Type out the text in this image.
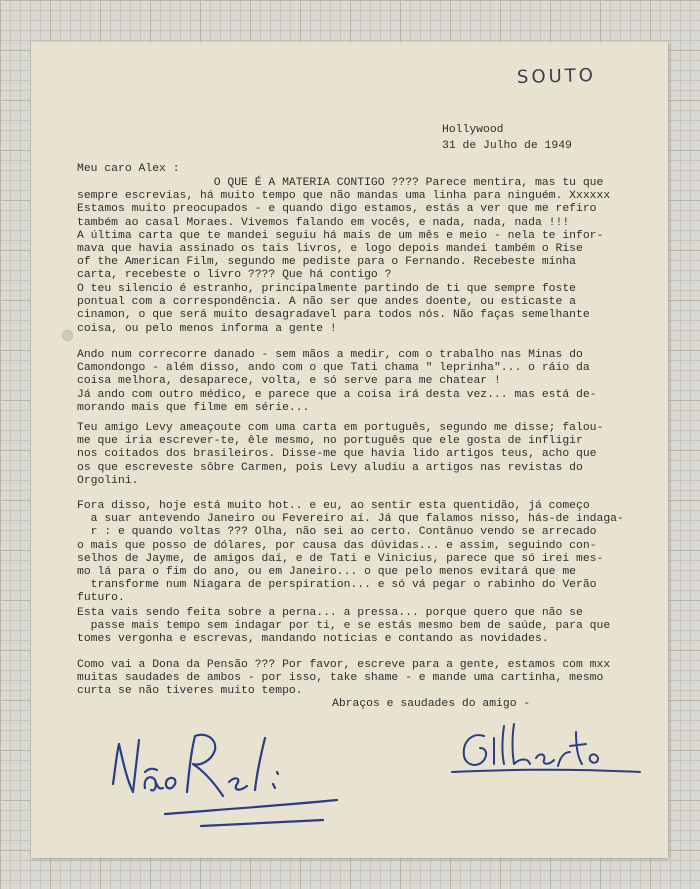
SOUTO
Hollywood
31 de Julho de 1949
Meu caro Alex :
O QUE É A MATERIA CONTIGO ???? Parece mentira, mas tu que
sempre escrevias, há muito tempo que não mandas uma linha para ninguém. Xxxxxx
Estamos muito preocupados - e quando digo estamos, estás a ver que me refiro
também ao casal Moraes. Vivemos falando em vocês, e nada, nada, nada !!!
A última carta que te mandei seguiu há mais de um mês e meio - nela te infor-
mava que havia assinado os tais livros, e logo depois mandei também o Rise
of the American Film, segundo me pediste para o Fernando. Recebeste minha
carta, recebeste o livro ???? Que há contigo ?
O teu silencio é estranho, principalmente partindo de ti que sempre foste
pontual com a correspondência. A não ser que andes doente, ou esticaste a
cinamon, o que será muito desagradavel para todos nós. Não faças semelhante
coisa, ou pelo menos informa a gente !
Ando num correcorre danado - sem mãos a medir, com o trabalho nas Minas do
Camondongo - além disso, ando com o que Tati chama " leprinha"... o ráio da
coisa melhora, desaparece, volta, e só serve para me chatear !
Já ando com outro médico, e parece que a coisa irá desta vez... mas está de-
morando mais que filme em série...
Teu amigo Levy ameaçoute com uma carta em português, segundo me disse; falou-
me que iria escrever-te, êle mesmo, no português que ele gosta de infligir
nos coitados dos brasileiros. Disse-me que havia lido artigos teus, acho que
os que escreveste sôbre Carmen, pois Levy aludiu a artigos nas revistas do
Orgolini.
Fora disso, hoje está muito hot.. e eu, ao sentir esta quentidão, já começo
a suar antevendo Janeiro ou Fevereiro aí. Já que falamos nisso, hás-de indaga-
r : e quando voltas ??? Olha, não sei ao certo. Contânuo vendo se arrecado
o mais que posso de dólares, por causa das dúvidas... e assim, seguindo con-
selhos de Jayme, de amigos daí, e de Tati e Vinicius, parece que só irei mes-
mo lá para o fim do ano, ou em Janeiro... o que pelo menos evitará que me
transforme num Niagara de perspiration... e só vá pegar o rabinho do Verão
futuro.
Esta vais sendo feita sobre a perna... a pressa... porque quero que não se
passe mais tempo sem indagar por ti, e se estás mesmo bem de saúde, para que
tomes vergonha e escrevas, mandando notícias e contando as novidades.
Como vai a Dona da Pensão ??? Por favor, escreve para a gente, estamos com mxx
muitas saudades de ambos - por isso, take shame - e mande uma cartinha, mesmo
curta se não tiveres muito tempo.
Abraços e saudades do amigo -
